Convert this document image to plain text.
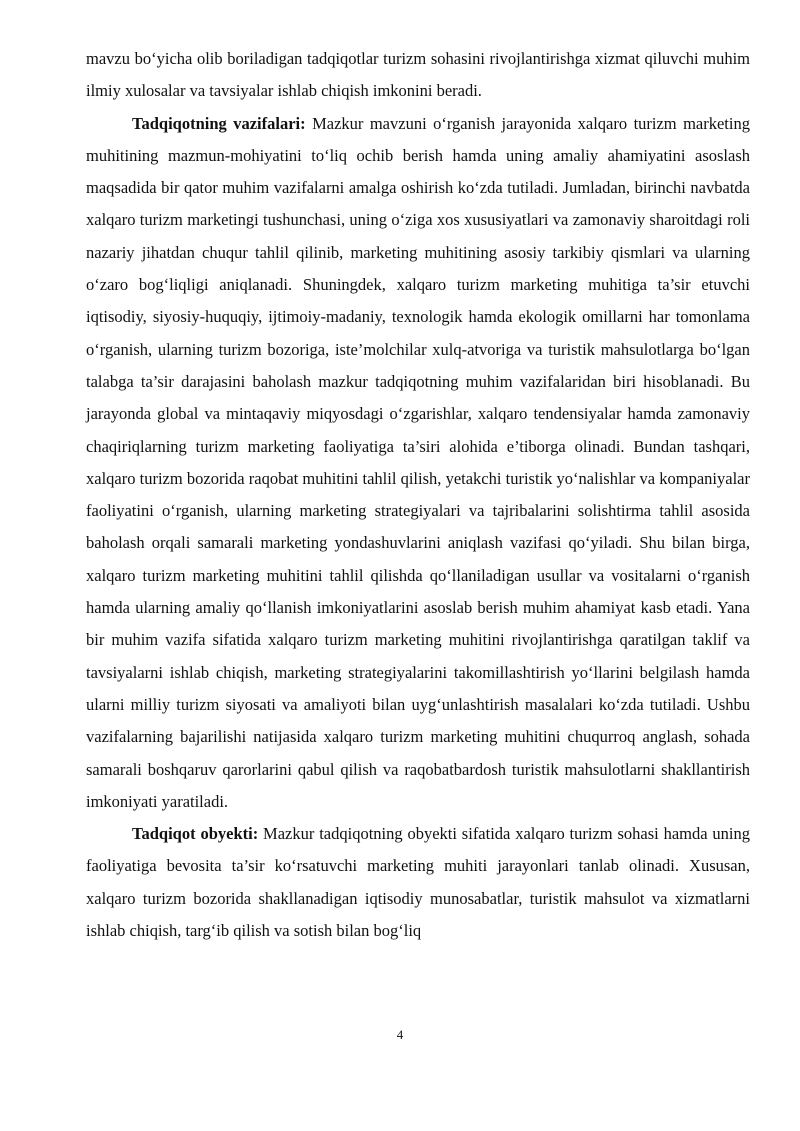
mavzu bo‘yicha olib boriladigan tadqiqotlar turizm sohasini rivojlantirishga xizmat qiluvchi muhim ilmiy xulosalar va tavsiyalar ishlab chiqish imkonini beradi.

Tadqiqotning vazifalari: Mazkur mavzuni o‘rganish jarayonida xalqaro turizm marketing muhitining mazmun-mohiyatini to‘liq ochib berish hamda uning amaliy ahamiyatini asoslash maqsadida bir qator muhim vazifalarni amalga oshirish ko‘zda tutiladi. Jumladan, birinchi navbatda xalqaro turizm marketingi tushunchasi, uning o‘ziga xos xususiyatlari va zamonaviy sharoitdagi roli nazariy jihatdan chuqur tahlil qilinib, marketing muhitining asosiy tarkibiy qismlari va ularning o‘zaro bog‘liqligi aniqlanadi. Shuningdek, xalqaro turizm marketing muhitiga ta’sir etuvchi iqtisodiy, siyosiy-huquqiy, ijtimoiy-madaniy, texnologik hamda ekologik omillarni har tomonlama o‘rganish, ularning turizm bozoriga, iste’molchilar xulq-atvoriga va turistik mahsulotlarga bo‘lgan talabga ta’sir darajasini baholash mazkur tadqiqotning muhim vazifalaridan biri hisoblanadi. Bu jarayonda global va mintaqaviy miqyosdagi o‘zgarishlar, xalqaro tendensiyalar hamda zamonaviy chaqiriqlarning turizm marketing faoliyatiga ta’siri alohida e’tiborga olinadi. Bundan tashqari, xalqaro turizm bozorida raqobat muhitini tahlil qilish, yetakchi turistik yo‘nalishlar va kompaniyalar faoliyatini o‘rganish, ularning marketing strategiyalari va tajribalarini solishtirma tahlil asosida baholash orqali samarali marketing yondashuvlarini aniqlash vazifasi qo‘yiladi. Shu bilan birga, xalqaro turizm marketing muhitini tahlil qilishda qo‘llaniladigan usullar va vositalarni o‘rganish hamda ularning amaliy qo‘llanish imkoniyatlarini asoslab berish muhim ahamiyat kasb etadi. Yana bir muhim vazifa sifatida xalqaro turizm marketing muhitini rivojlantirishga qaratilgan taklif va tavsiyalarni ishlab chiqish, marketing strategiyalarini takomillashtirish yo‘llarini belgilash hamda ularni milliy turizm siyosati va amaliyoti bilan uyg‘unlashtirish masalalari ko‘zda tutiladi. Ushbu vazifalarning bajarilishi natijasida xalqaro turizm marketing muhitini chuqurroq anglash, sohada samarali boshqaruv qarorlarini qabul qilish va raqobatbardosh turistik mahsulotlarni shakllantirish imkoniyati yaratiladi.

Tadqiqot obyekti: Mazkur tadqiqotning obyekti sifatida xalqaro turizm sohasi hamda uning faoliyatiga bevosita ta’sir ko‘rsatuvchi marketing muhiti jarayonlari tanlab olinadi. Xususan, xalqaro turizm bozorida shakllanadigan iqtisodiy munosabatlar, turistik mahsulot va xizmatlarni ishlab chiqish, targ‘ib qilish va sotish bilan bog‘liq

4
